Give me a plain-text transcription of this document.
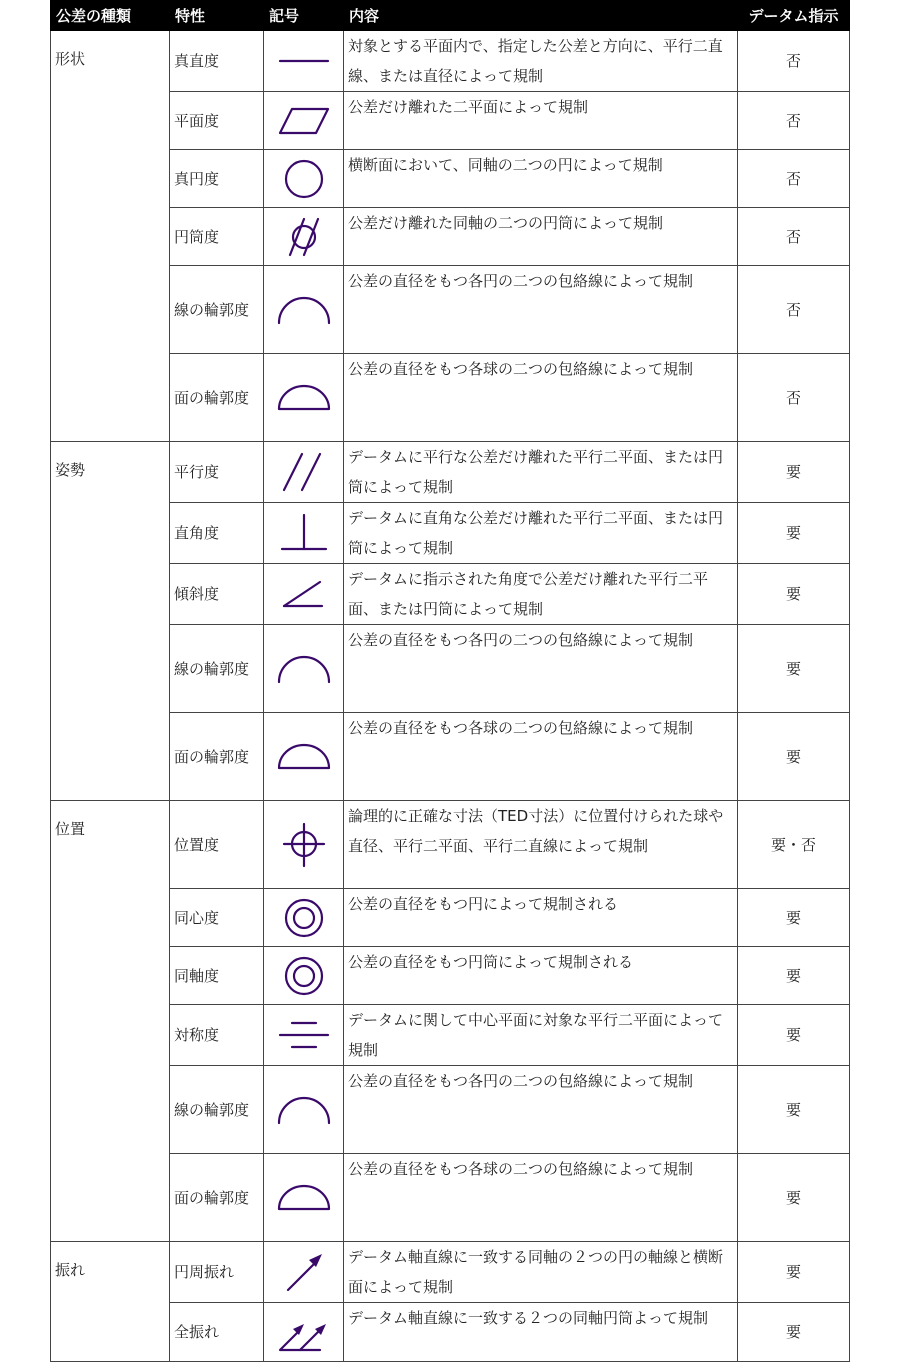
公差の種類	特性	記号	内容	データム指示
形状	真直度		対象とする平面内で、指定した公差と方向に、平行二直線、または直径によって規制	否
	平面度		公差だけ離れた二平面によって規制	否
	真円度		横断面において、同軸の二つの円によって規制	否
	円筒度		公差だけ離れた同軸の二つの円筒によって規制	否
	線の輪郭度		公差の直径をもつ各円の二つの包絡線によって規制	否
	面の輪郭度		公差の直径をもつ各球の二つの包絡線によって規制	否
姿勢	平行度		データムに平行な公差だけ離れた平行二平面、または円筒によって規制	要
	直角度		データムに直角な公差だけ離れた平行二平面、または円筒によって規制	要
	傾斜度		データムに指示された角度で公差だけ離れた平行二平面、または円筒によって規制	要
	線の輪郭度		公差の直径をもつ各円の二つの包絡線によって規制	要
	面の輪郭度		公差の直径をもつ各球の二つの包絡線によって規制	要
位置	位置度		論理的に正確な寸法（TED寸法）に位置付けられた球や直径、平行二平面、平行二直線によって規制	要・否
	同心度		公差の直径をもつ円によって規制される	要
	同軸度		公差の直径をもつ円筒によって規制される	要
	対称度		データムに関して中心平面に対象な平行二平面によって規制	要
	線の輪郭度		公差の直径をもつ各円の二つの包絡線によって規制	要
	面の輪郭度		公差の直径をもつ各球の二つの包絡線によって規制	要
振れ	円周振れ		データム軸直線に一致する同軸の２つの円の軸線と横断面によって規制	要
	全振れ		データム軸直線に一致する２つの同軸円筒よって規制	要
